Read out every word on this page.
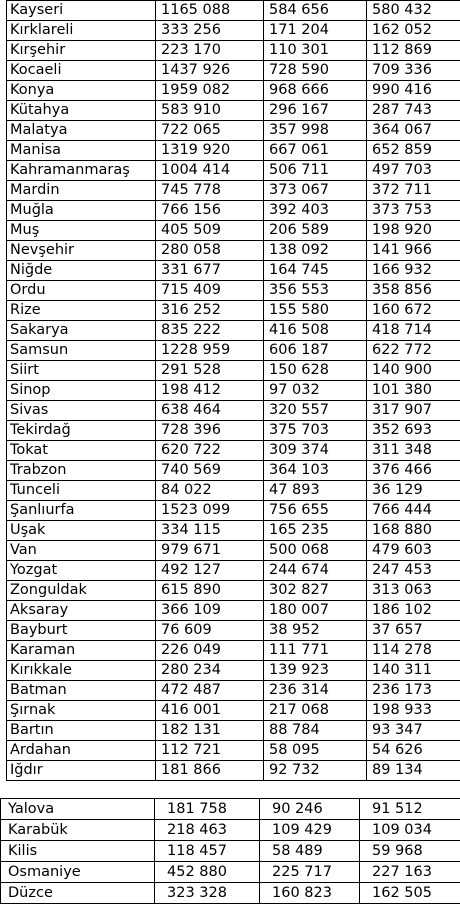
Kayseri	1165 088	584 656	580 432
Kırklareli	333 256	171 204	162 052
Kırşehir	223 170	110 301	112 869
Kocaeli	1437 926	728 590	709 336
Konya	1959 082	968 666	990 416
Kütahya	583 910	296 167	287 743
Malatya	722 065	357 998	364 067
Manisa	1319 920	667 061	652 859
Kahramanmaraş	1004 414	506 711	497 703
Mardin	745 778	373 067	372 711
Muğla	766 156	392 403	373 753
Muş	405 509	206 589	198 920
Nevşehir	280 058	138 092	141 966
Niğde	331 677	164 745	166 932
Ordu	715 409	356 553	358 856
Rize	316 252	155 580	160 672
Sakarya	835 222	416 508	418 714
Samsun	1228 959	606 187	622 772
Siirt	291 528	150 628	140 900
Sinop	198 412	97 032	101 380
Sivas	638 464	320 557	317 907
Tekirdağ	728 396	375 703	352 693
Tokat	620 722	309 374	311 348
Trabzon	740 569	364 103	376 466
Tunceli	84 022	47 893	36 129
Şanlıurfa	1523 099	756 655	766 444
Uşak	334 115	165 235	168 880
Van	979 671	500 068	479 603
Yozgat	492 127	244 674	247 453
Zonguldak	615 890	302 827	313 063
Aksaray	366 109	180 007	186 102
Bayburt	76 609	38 952	37 657
Karaman	226 049	111 771	114 278
Kırıkkale	280 234	139 923	140 311
Batman	472 487	236 314	236 173
Şırnak	416 001	217 068	198 933
Bartın	182 131	88 784	93 347
Ardahan	112 721	58 095	54 626
Iğdır	181 866	92 732	89 134
Yalova	181 758	90 246	91 512
Karabük	218 463	109 429	109 034
Kilis	118 457	58 489	59 968
Osmaniye	452 880	225 717	227 163
Düzce	323 328	160 823	162 505
